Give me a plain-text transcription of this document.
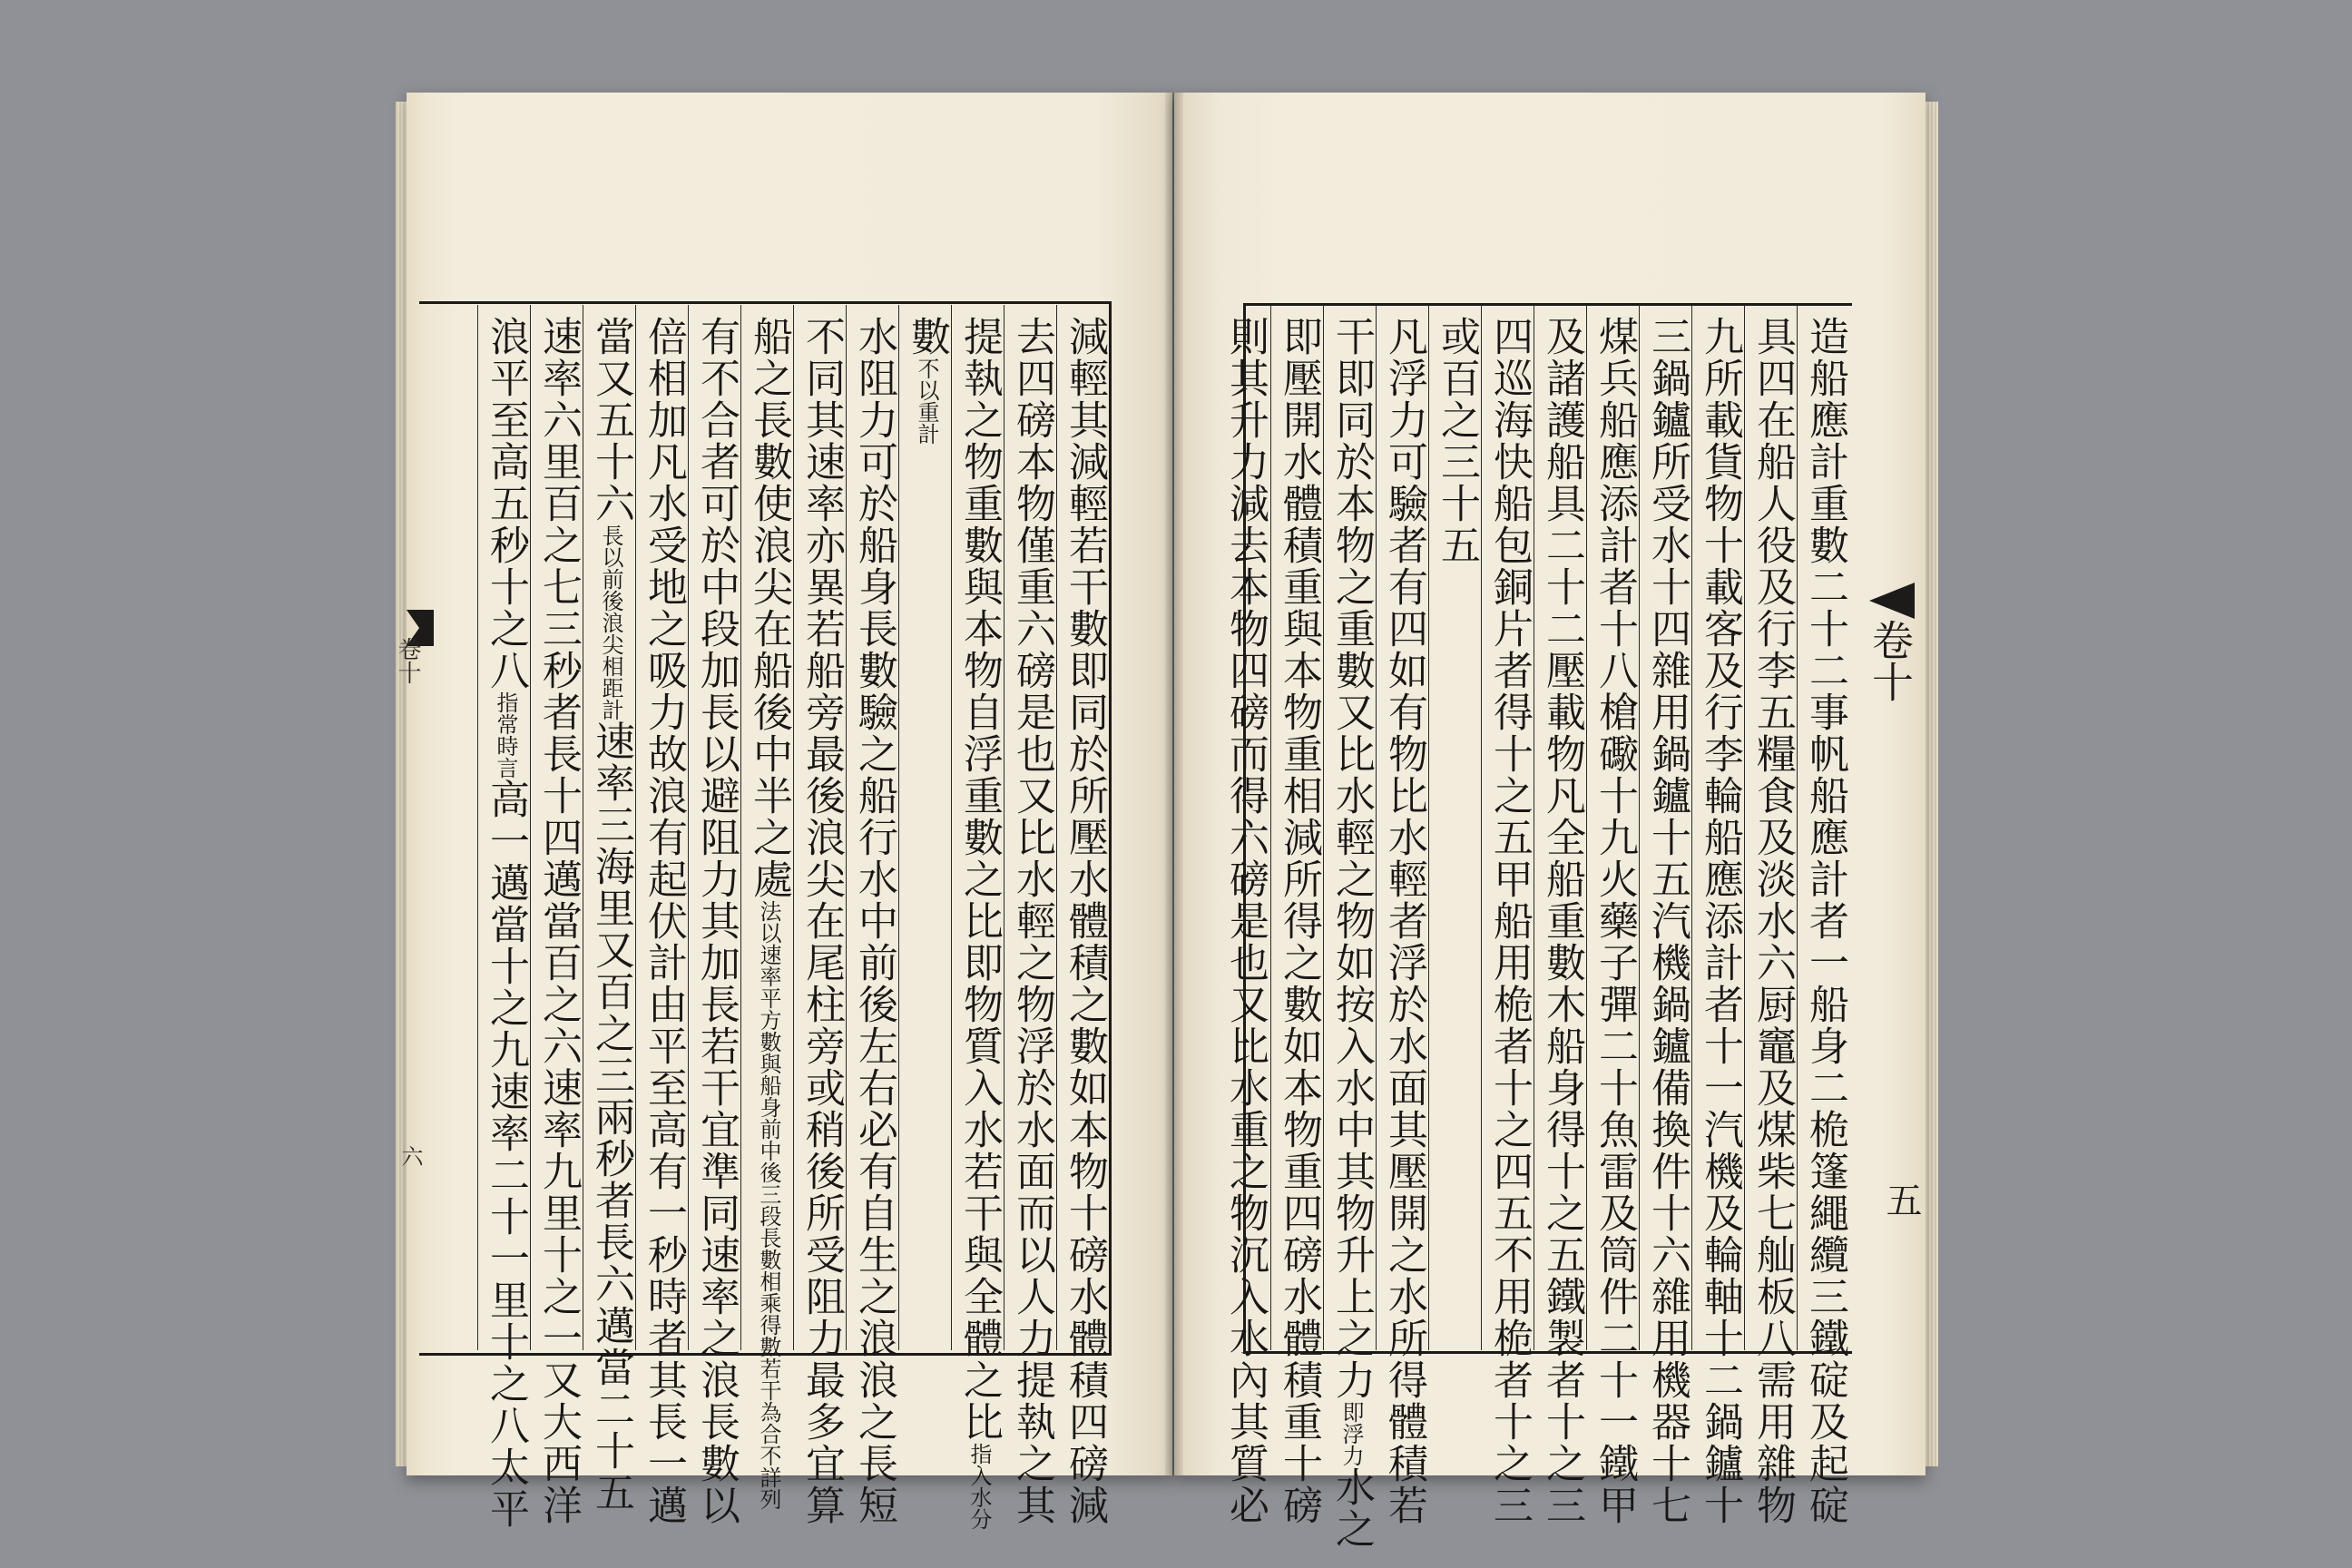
減輕其減輕若干數即同於所壓水體積之數如本物十磅水體積四磅減
去四磅本物僅重六磅是也又比水輕之物浮於水面而以人力提執之其
提執之物重數與本物自浮重數之比即物質入水若干與全體之比指入水分
數不以重計
水阻力可於船身長數驗之船行水中前後左右必有自生之浪浪之長短
不同其速率亦異若船旁最後浪尖在尾柱旁或稍後所受阻力最多宜算
船之長數使浪尖在船後中半之處法以速率平方數與船身前中後三段長數相乘得數若干為合不詳列
有不合者可於中段加長以避阻力其加長若干宜準同速率之浪長數以
倍相加凡水受地之吸力故浪有起伏計由平至高有一秒時者其長一邁
當又五十六長以前後浪尖相距計速率三海里又百之三兩秒者長六邁當二十五
速率六里百之七三秒者長十四邁當百之六速率九里十之一又大西洋
浪平至高五秒十之八指常時言高一邁當十之九速率二十一里十之八太平
卷十
六	造船應計重數二十二事帆船應計者一船身二桅篷繩纜三鐵碇及起碇
具四在船人役及行李五糧食及淡水六厨竈及煤柴七舢板八需用雜物
九所載貨物十載客及行李輪船應添計者十一汽機及輪軸十二鍋鑪十
三鍋鑪所受水十四雜用鍋鑪十五汽機鍋鑪備換件十六雜用機器十七
煤兵船應添計者十八槍礮十九火藥子彈二十魚雷及筒件二十一鐵甲
及諸護船具二十二壓載物凡全船重數木船身得十之五鐵製者十之三
四巡海快船包銅片者得十之五甲船用桅者十之四五不用桅者十之三
或百之三十五
凡浮力可驗者有四如有物比水輕者浮於水面其壓開之水所得體積若
干即同於本物之重數又比水輕之物如按入水中其物升上之力即浮力水之
即壓開水體積重與本物重相減所得之數如本物重四磅水體積重十磅
則其升力減去本物四磅而得六磅是也又比水重之物沉入水內其質必	卷十
五
